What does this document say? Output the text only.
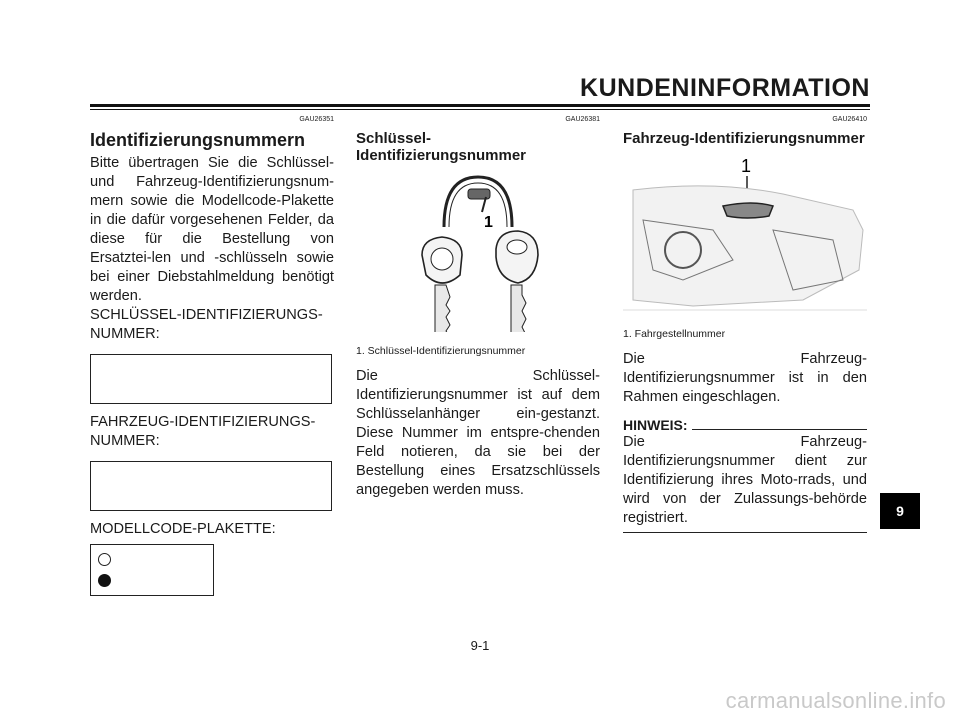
KUNDENINFORMATION
GAU26351
Identifizierungsnummern
Bitte übertragen Sie die Schlüssel- und Fahrzeug-Identifizierungsnum-mern sowie die Modellcode-Plakette in die dafür vorgesehenen Felder, da diese für die Bestellung von Ersatztei-len und -schlüsseln sowie bei einer Diebstahlmeldung benötigt werden.
SCHLÜSSEL-IDENTIFIZIERUNGS-NUMMER:
FAHRZEUG-IDENTIFIZIERUNGS-NUMMER:
MODELLCODE-PLAKETTE:
GAU26381
Schlüssel-Identifizierungsnummer
1
1. Schlüssel-Identifizierungsnummer
Die Schlüssel-Identifizierungsnummer ist auf dem Schlüsselanhänger ein-gestanzt. Diese Nummer im entspre-chenden Feld notieren, da sie bei der Bestellung eines Ersatzschlüssels angegeben werden muss.
GAU26410
Fahrzeug-Identifizierungsnummer
1
1. Fahrgestellnummer
Die Fahrzeug-Identifizierungsnummer ist in den Rahmen eingeschlagen.
HINWEIS:
Die Fahrzeug-Identifizierungsnummer dient zur Identifizierung ihres Moto-rrads, und wird von der Zulassungs-behörde registriert.	9
9-1
carmanualsonline.info
